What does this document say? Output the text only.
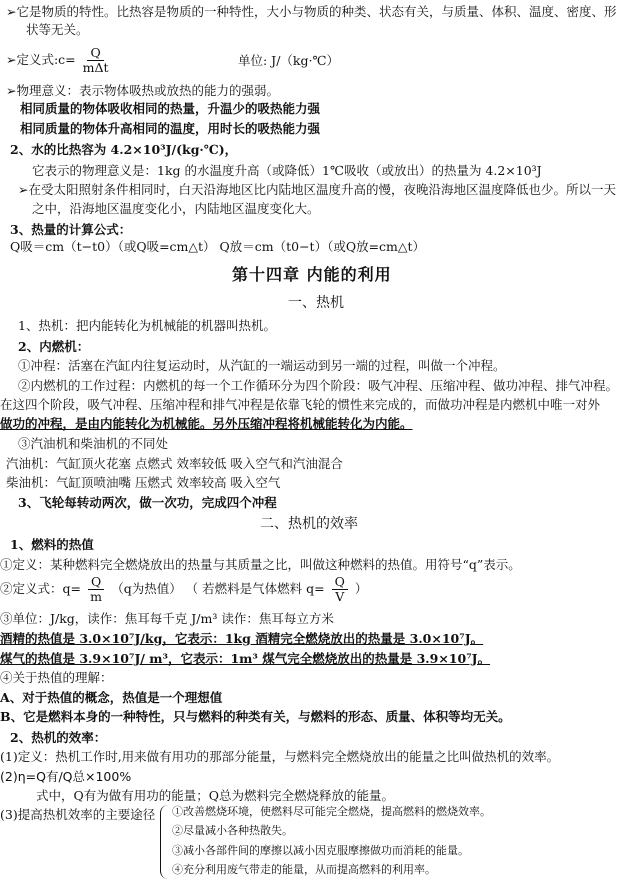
➢它是物质的特性。比热容是物质的一种特性，大小与物质的种类、状态有关，与质量、体积、温度、密度、形
状等无关。
➢定义式:c= $\frac{Q}{\text{mΔt}}$	单位: J/（kg·℃）
➢物理意义：表示物体吸热或放热的能力的强弱。
相同质量的物体吸收相同的热量，升温少的吸热能力强
相同质量的物体升高相同的温度，用时长的吸热能力强
2、水的比热容为 4.2×10³J/(kg·℃)，
它表示的物理意义是：1kg 的水温度升高（或降低）1℃吸收（或放出）的热量为 4.2×10³J
➢在受太阳照射条件相同时，白天沿海地区比内陆地区温度升高的慢，夜晚沿海地区温度降低也少。所以一天
之中，沿海地区温度变化小，内陆地区温度变化大。
3、热量的计算公式：
Q吸＝cm（t−t0）（或Q吸=cm△t） Q放＝cm（t0−t）（或Q放=cm△t）
第十四章 内能的利用
一、热机
1、热机：把内能转化为机械能的机器叫热机。
2、内燃机：
①冲程：活塞在汽缸内往复运动时，从汽缸的一端运动到另一端的过程，叫做一个冲程。
②内燃机的工作过程：内燃机的每一个工作循环分为四个阶段：吸气冲程、压缩冲程、做功冲程、排气冲程。
在这四个阶段，吸气冲程、压缩冲程和排气冲程是依靠飞轮的惯性来完成的，而做功冲程是内燃机中唯一对外
做功的冲程，是由内能转化为机械能。另外压缩冲程将机械能转化为内能。
③汽油机和柴油机的不同处
汽油机：气缸顶火花塞 点燃式 效率较低 吸入空气和汽油混合
柴油机：气缸顶喷油嘴 压燃式 效率较高 吸入空气
3、飞轮每转动两次，做一次功，完成四个冲程
二、热机的效率
1、燃料的热值
①定义：某种燃料完全燃烧放出的热量与其质量之比，叫做这种燃料的热值。用符号“q”表示。
②定义式：$q= \frac{Q}{m} (q$为热值） （ 若燃料是气体燃料 $q= \frac{Q}{V}$ ）
③单位：J/kg，读作：焦耳每千克 J/m³ 读作：焦耳每立方米
酒精的热值是 3.0×10⁷J/kg，它表示：1kg 酒精完全燃烧放出的热量是 3.0×10⁷J。
煤气的热值是 3.9×10⁷J/ m³，它表示：1m³ 煤气完全燃烧放出的热量是 3.9×10⁷J。
④关于热值的理解：
A、对于热值的概念，热值是一个理想值
B、它是燃料本身的一种特性，只与燃料的种类有关，与燃料的形态、质量、体积等均无关。
2、热机的效率：
(1)定义：热机工作时,用来做有用功的那部分能量，与燃料完全燃烧放出的能量之比叫做热机的效率。
(2)η=Q有/Q总×100%
式中，Q有为做有用功的能量；Q总为燃料完全燃烧释放的能量。
(3)提高热机效率的主要途径 ①改善燃烧环境，使燃料尽可能完全燃烧，提高燃料的燃烧效率。
②尽量减小各种热散失。
③减小各部件间的摩擦以减小因克服摩擦做功而消耗的能量。
④充分利用废气带走的能量，从而提高燃料的利用率。
